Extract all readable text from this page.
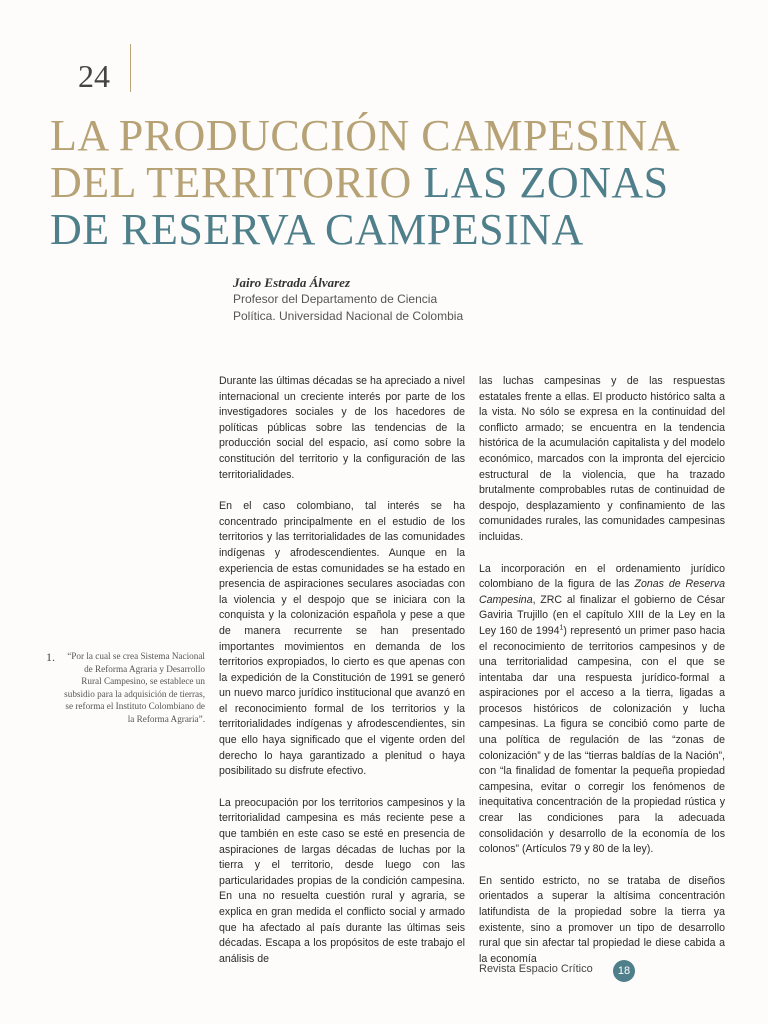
24
LA PRODUCCIÓN CAMPESINA
DEL TERRITORIO LAS ZONAS
DE RESERVA CAMPESINA
Jairo Estrada Álvarez
Profesor del Departamento de Ciencia
Política. Universidad Nacional de Colombia

Durante las últimas décadas se ha apreciado a nivel internacional un creciente interés por parte de los investigadores sociales y de los hacedores de políticas públicas sobre las tendencias de la producción social del espacio, así como sobre la constitución del territorio y la configuración de las territorialidades.

En el caso colombiano, tal interés se ha concentrado principalmente en el estudio de los territorios y las territorialidades de las comunidades indígenas y afrodescendientes. Aunque en la experiencia de estas comunidades se ha estado en presencia de aspiraciones seculares asociadas con la violencia y el despojo que se iniciara con la conquista y la colonización española y pese a que de manera recurrente se han presentado importantes movimientos en demanda de los territorios expropiados, lo cierto es que apenas con la expedición de la Constitución de 1991 se generó un nuevo marco jurídico institucional que avanzó en el reconocimiento formal de los territorios y la territorialidades indígenas y afrodescendientes, sin que ello haya significado que el vigente orden del derecho lo haya garantizado a plenitud o haya posibilitado su disfrute efectivo.

La preocupación por los territorios campesinos y la territorialidad campesina es más reciente pese a que también en este caso se esté en presencia de aspiraciones de largas décadas de luchas por la tierra y el territorio, desde luego con las particularidades propias de la condición campesina. En una no resuelta cuestión rural y agraria, se explica en gran medida el conflicto social y armado que ha afectado al país durante las últimas seis décadas. Escapa a los propósitos de este trabajo el análisis de

las luchas campesinas y de las respuestas estatales frente a ellas. El producto histórico salta a la vista. No sólo se expresa en la continuidad del conflicto armado; se encuentra en la tendencia histórica de la acumulación capitalista y del modelo económico, marcados con la impronta del ejercicio estructural de la violencia, que ha trazado brutalmente comprobables rutas de continuidad de despojo, desplazamiento y confinamiento de las comunidades rurales, las comunidades campesinas incluidas.

La incorporación en el ordenamiento jurídico colombiano de la figura de las Zonas de Reserva Campesina, ZRC al finalizar el gobierno de César Gaviria Trujillo (en el capítulo XIII de la Ley en la Ley 160 de 1994$^1$) representó un primer paso hacia el reconocimiento de territorios campesinos y de una territorialidad campesina, con el que se intentaba dar una respuesta jurídico-formal a aspiraciones por el acceso a la tierra, ligadas a procesos históricos de colonización y lucha campesinas. La figura se concibió como parte de una política de regulación de las “zonas de colonización” y de las “tierras baldías de la Nación”, con “la finalidad de fomentar la pequeña propiedad campesina, evitar o corregir los fenómenos de inequitativa concentración de la propiedad rústica y crear las condiciones para la adecuada consolidación y desarrollo de la economía de los colonos” (Artículos 79 y 80 de la ley).

En sentido estricto, no se trataba de diseños orientados a superar la altísima concentración latifundista de la propiedad sobre la tierra ya existente, sino a promover un tipo de desarrollo rural que sin afectar tal propiedad le diese cabida a la economía

1.	“Por la cual se crea Sistema Nacional de Reforma Agraria y Desarrollo Rural Campesino, se establece un subsidio para la adquisición de tierras, se reforma el Instituto Colombiano de la Reforma Agraria”.
Revista Espacio Crítico	18
